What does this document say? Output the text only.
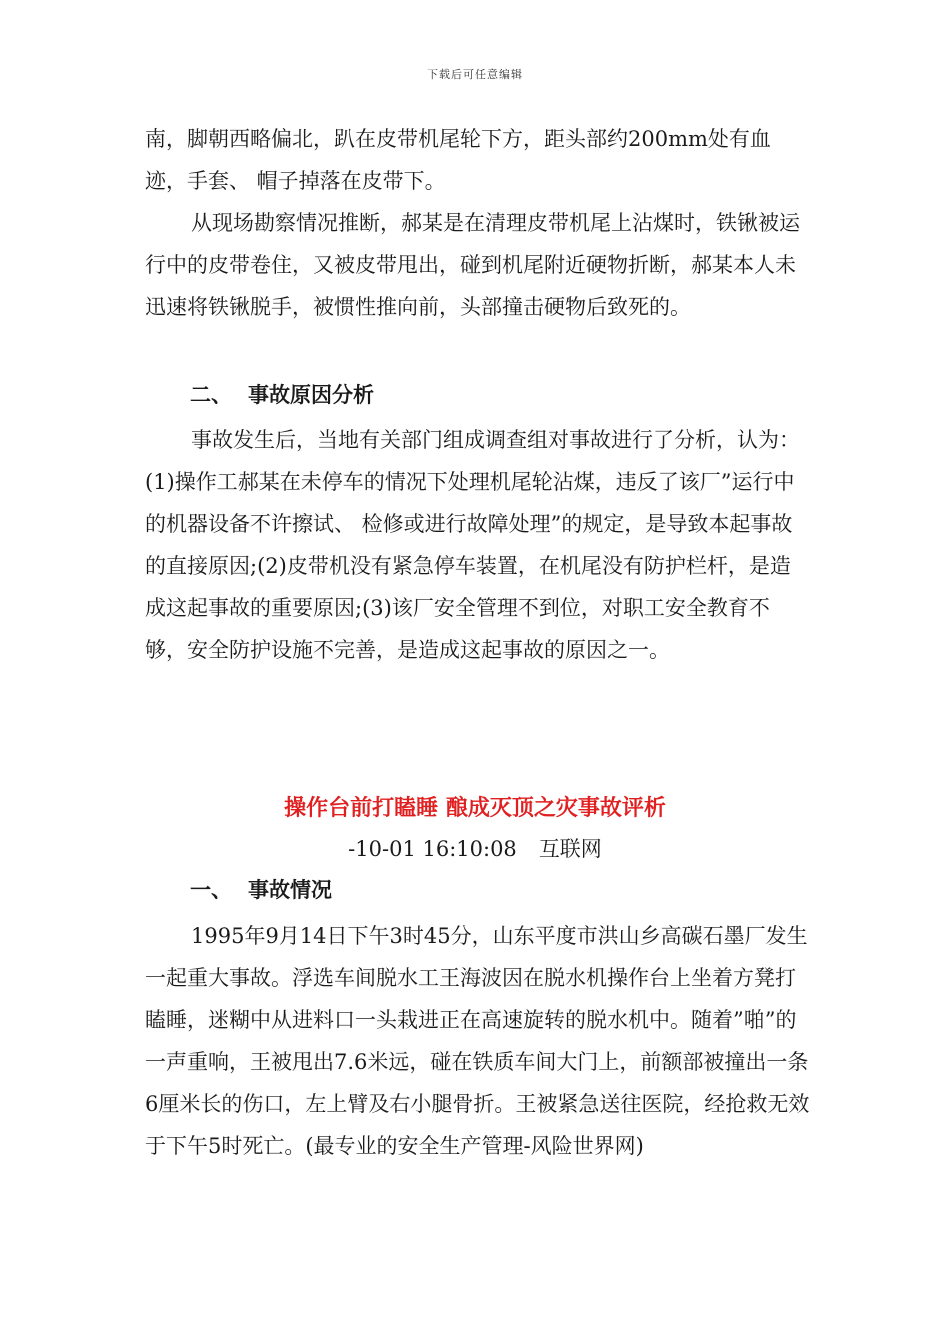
下载后可任意编辑

南，脚朝西略偏北，趴在皮带机尾轮下方，距头部约200mm处有血迹，手套、 帽子掉落在皮带下。

从现场勘察情况推断，郝某是在清理皮带机尾上沾煤时，铁锹被运行中的皮带卷住，又被皮带甩出，碰到机尾附近硬物折断，郝某本人未迅速将铁锹脱手，被惯性推向前，头部撞击硬物后致死的。

二、 事故原因分析

事故发生后，当地有关部门组成调查组对事故进行了分析，认为：(1)操作工郝某在未停车的情况下处理机尾轮沾煤，违反了该厂”运行中的机器设备不许擦试、 检修或进行故障处理”的规定，是导致本起事故的直接原因;(2)皮带机没有紧急停车装置，在机尾没有防护栏杆，是造成这起事故的重要原因;(3)该厂安全管理不到位，对职工安全教育不够，安全防护设施不完善，是造成这起事故的原因之一。

操作台前打瞌睡 酿成灭顶之灾事故评析
-10-01 16:10:08 互联网
一、 事故情况

1995年9月14日下午3时45分，山东平度市洪山乡高碳石墨厂发生一起重大事故。浮选车间脱水工王海波因在脱水机操作台上坐着方凳打瞌睡，迷糊中从进料口一头栽进正在高速旋转的脱水机中。随着”啪”的一声重响，王被甩出7.6米远，碰在铁质车间大门上，前额部被撞出一条6厘米长的伤口，左上臂及右小腿骨折。王被紧急送往医院，经抢救无效于下午5时死亡。(最专业的安全生产管理-风险世界网)
